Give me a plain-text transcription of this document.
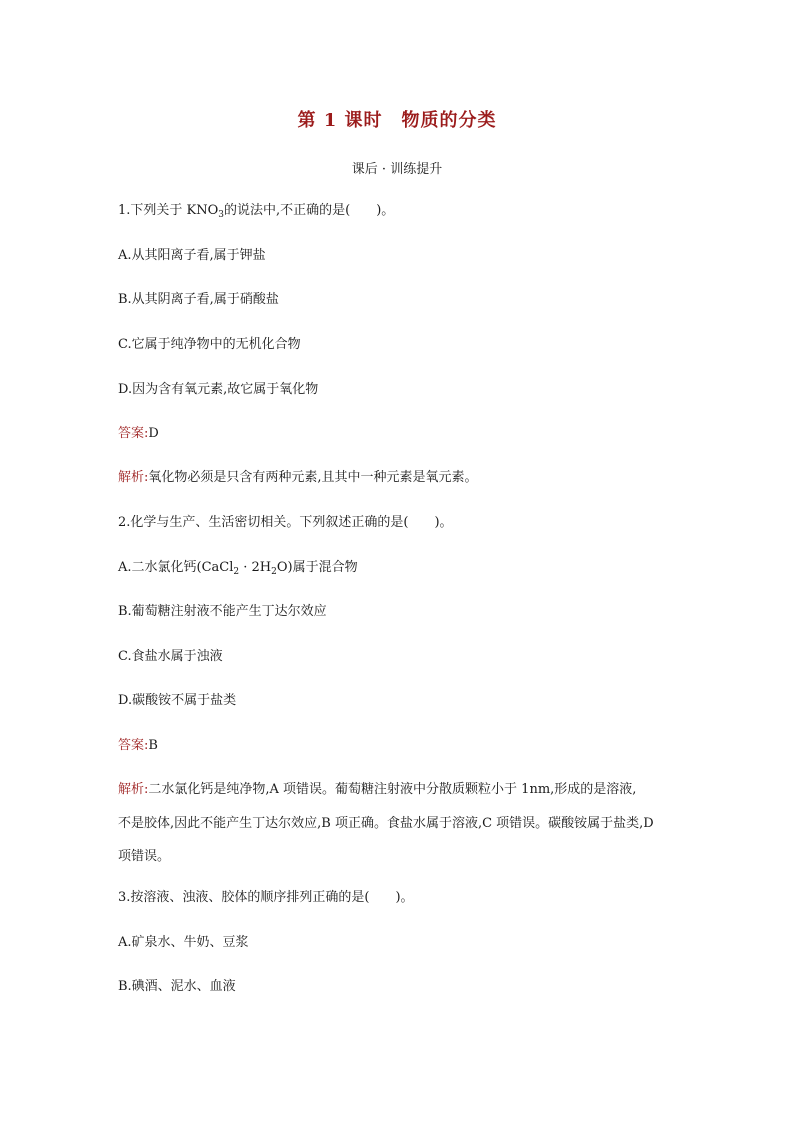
第 1 课时　物质的分类
课后 · 训练提升
1.下列关于 $KNO_3$的说法中,不正确的是(　　)。
A.从其阳离子看,属于钾盐
B.从其阴离子看,属于硝酸盐
C.它属于纯净物中的无机化合物
D.因为含有氧元素,故它属于氧化物
答案:D
解析:氧化物必须是只含有两种元素,且其中一种元素是氧元素。
2.化学与生产、生活密切相关。下列叙述正确的是(　　)。
A.二水氯化钙(CaCl$_2$ · $2H_2O$)属于混合物
B.葡萄糖注射液不能产生丁达尔效应
C.食盐水属于浊液
D.碳酸铵不属于盐类
答案:B
解析:二水氯化钙是纯净物,A 项错误。葡萄糖注射液中分散质颗粒小于 1nm,形成的是溶液,
不是胶体,因此不能产生丁达尔效应,B 项正确。食盐水属于溶液,C 项错误。碳酸铵属于盐类,D
项错误。
3.按溶液、浊液、胶体的顺序排列正确的是(　　)。
A.矿泉水、牛奶、豆浆
B.碘酒、泥水、血液
